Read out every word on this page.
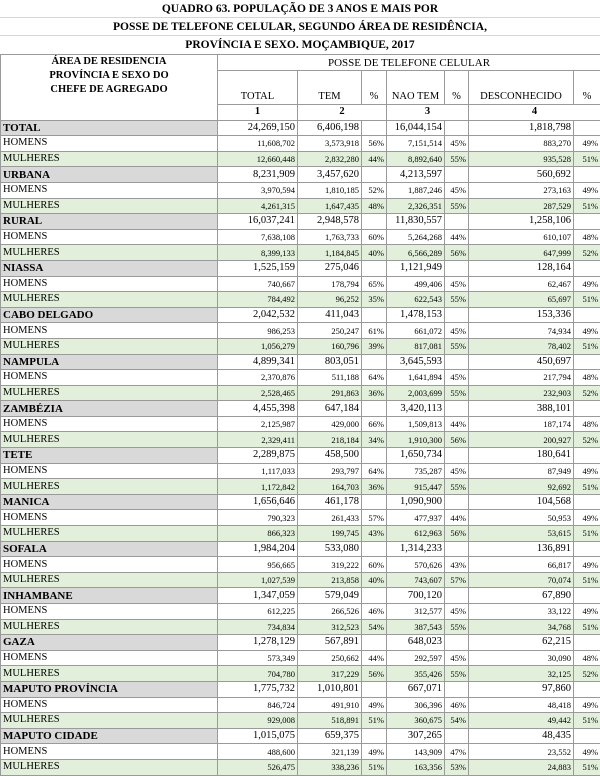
QUADRO 63. POPULAÇÃO DE 3 ANOS E MAIS POR
POSSE DE TELEFONE CELULAR, SEGUNDO ÁREA DE RESIDÊNCIA,
PROVÍNCIA E SEXO. MOÇAMBIQUE, 2017
ÁREA DE RESIDENCIA
PROVÍNCIA E SEXO DO
CHEFE DE AGREGADO	POSSE DE TELEFONE CELULAR						
	TOTAL	TEM	%	NAO TEM	%	DESCONHECIDO	%
	1	2		3		4	
TOTAL	24,269,150	6,406,198		16,044,154		1,818,798	
HOMENS	11,608,702	3,573,918	56%	7,151,514	45%	883,270	49%
MULHERES	12,660,448	2,832,280	44%	8,892,640	55%	935,528	51%
URBANA	8,231,909	3,457,620		4,213,597		560,692	
HOMENS	3,970,594	1,810,185	52%	1,887,246	45%	273,163	49%
MULHERES	4,261,315	1,647,435	48%	2,326,351	55%	287,529	51%
RURAL	16,037,241	2,948,578		11,830,557		1,258,106	
HOMENS	7,638,108	1,763,733	60%	5,264,268	44%	610,107	48%
MULHERES	8,399,133	1,184,845	40%	6,566,289	56%	647,999	52%
NIASSA	1,525,159	275,046		1,121,949		128,164	
HOMENS	740,667	178,794	65%	499,406	45%	62,467	49%
MULHERES	784,492	96,252	35%	622,543	55%	65,697	51%
CABO DELGADO	2,042,532	411,043		1,478,153		153,336	
HOMENS	986,253	250,247	61%	661,072	45%	74,934	49%
MULHERES	1,056,279	160,796	39%	817,081	55%	78,402	51%
NAMPULA	4,899,341	803,051		3,645,593		450,697	
HOMENS	2,370,876	511,188	64%	1,641,894	45%	217,794	48%
MULHERES	2,528,465	291,863	36%	2,003,699	55%	232,903	52%
ZAMBÉZIA	4,455,398	647,184		3,420,113		388,101	
HOMENS	2,125,987	429,000	66%	1,509,813	44%	187,174	48%
MULHERES	2,329,411	218,184	34%	1,910,300	56%	200,927	52%
TETE	2,289,875	458,500		1,650,734		180,641	
HOMENS	1,117,033	293,797	64%	735,287	45%	87,949	49%
MULHERES	1,172,842	164,703	36%	915,447	55%	92,692	51%
MANICA	1,656,646	461,178		1,090,900		104,568	
HOMENS	790,323	261,433	57%	477,937	44%	50,953	49%
MULHERES	866,323	199,745	43%	612,963	56%	53,615	51%
SOFALA	1,984,204	533,080		1,314,233		136,891	
HOMENS	956,665	319,222	60%	570,626	43%	66,817	49%
MULHERES	1,027,539	213,858	40%	743,607	57%	70,074	51%
INHAMBANE	1,347,059	579,049		700,120		67,890	
HOMENS	612,225	266,526	46%	312,577	45%	33,122	49%
MULHERES	734,834	312,523	54%	387,543	55%	34,768	51%
GAZA	1,278,129	567,891		648,023		62,215	
HOMENS	573,349	250,662	44%	292,597	45%	30,090	48%
MULHERES	704,780	317,229	56%	355,426	55%	32,125	52%
MAPUTO PROVÍNCIA	1,775,732	1,010,801		667,071		97,860	
HOMENS	846,724	491,910	49%	306,396	46%	48,418	49%
MULHERES	929,008	518,891	51%	360,675	54%	49,442	51%
MAPUTO CIDADE	1,015,075	659,375		307,265		48,435	
HOMENS	488,600	321,139	49%	143,909	47%	23,552	49%
MULHERES	526,475	338,236	51%	163,356	53%	24,883	51%
